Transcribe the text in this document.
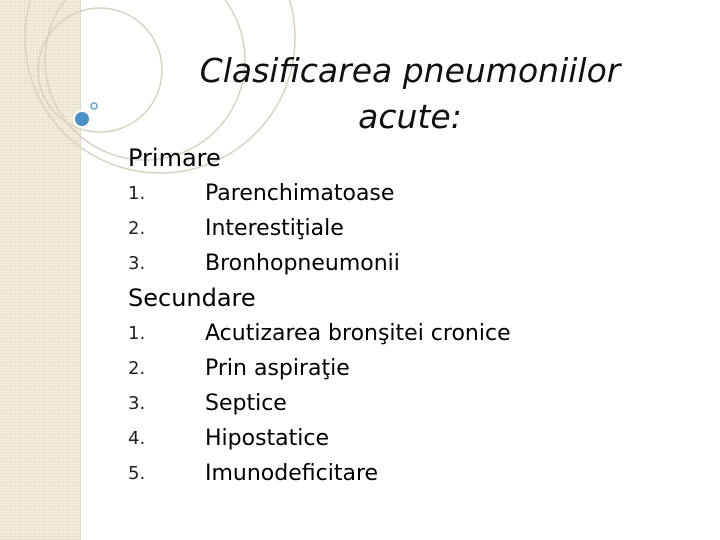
Clasificarea pneumoniilor
acute:
Primare
1.	Parenchimatoase
2.	Interestiţiale
3.	Bronhopneumonii
Secundare
1.	Acutizarea bronşitei cronice
2.	Prin aspiraţie
3.	Septice
4.	Hipostatice
5.	Imunodeficitare
